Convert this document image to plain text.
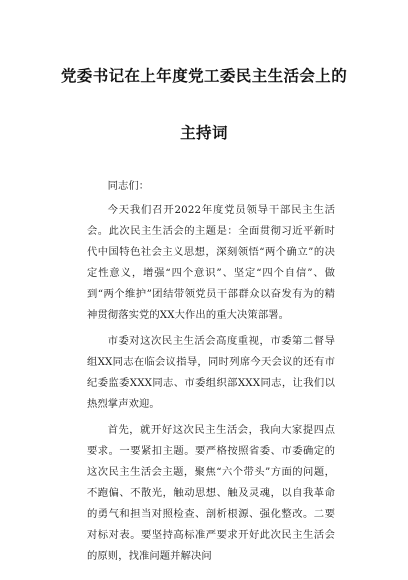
党委书记在上年度党工委民主生活会上的
主持词

同志们：

今天我们召开2022年度党员领导干部民主生活会。此次民主生活会的主题是：全面贯彻习近平新时代中国特色社会主义思想，深刻领悟“两个确立”的决定性意义，增强“四个意识”、坚定“四个自信”、做到“两个维护”团结带领党员干部群众以奋发有为的精神贯彻落实党的XX大作出的重大决策部署。

市委对这次民主生活会高度重视，市委第二督导组XX同志在临会议指导，同时列席今天会议的还有市纪委监委XXX同志、市委组织部XXX同志，让我们以热烈掌声欢迎。

首先，就开好这次民主生活会，我向大家提四点要求。一要紧扣主题。要严格按照省委、市委确定的这次民主生活会主题，聚焦“六个带头”方面的问题，不跑偏、不散光，触动思想、触及灵魂，以自我革命的勇气和担当对照检查、剖析根源、强化整改。二要对标对表。要坚持高标准严要求开好此次民主生活会的原则，找准问题并解决问
